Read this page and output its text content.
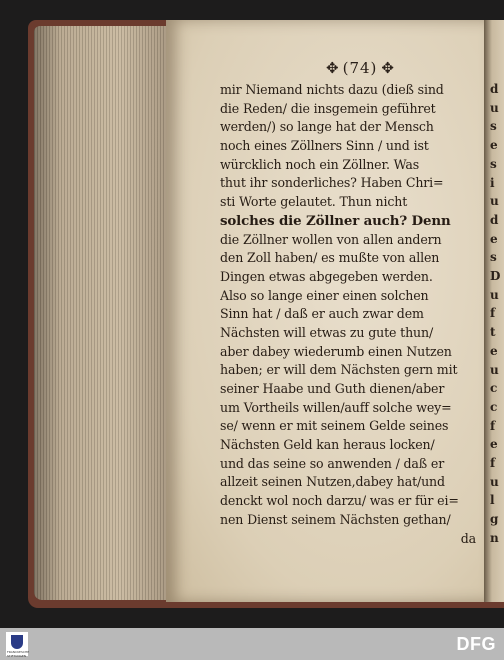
d
u
s
e
s
i
u
d
e
s
D
u
f
t
e
u
c
c
f
e
f
u
l
g
n
✥ (74) ✥
mir Niemand nichts dazu (dieß sind
die Reden/ die insgemein geführet
werden/) so lange hat der Mensch
noch eines Zöllners Sinn / und ist
würcklich noch ein Zöllner. Was
thut ihr sonderliches? Haben Chri=
sti Worte gelautet. Thun nicht
solches die Zöllner auch? Denn
die Zöllner wollen von allen andern
den Zoll haben/ es mußte von allen
Dingen etwas abgegeben werden.
Also so lange einer einen solchen
Sinn hat / daß er auch zwar dem
Nächsten will etwas zu gute thun/
aber dabey wiederumb einen Nutzen
haben; er will dem Nächsten gern mit
seiner Haabe und Guth dienen/aber
um Vortheils willen/auff solche wey=
se/ wenn er mit seinem Gelde seines
Nächsten Geld kan heraus locken/
und das seine so anwenden / daß er
allzeit seinen Nutzen,dabey hat/und
denckt wol noch darzu/ was er für ei=
nen Dienst seinem Nächsten gethan/
da
FRANCKESCHE STIFTUNGEN
DFG
